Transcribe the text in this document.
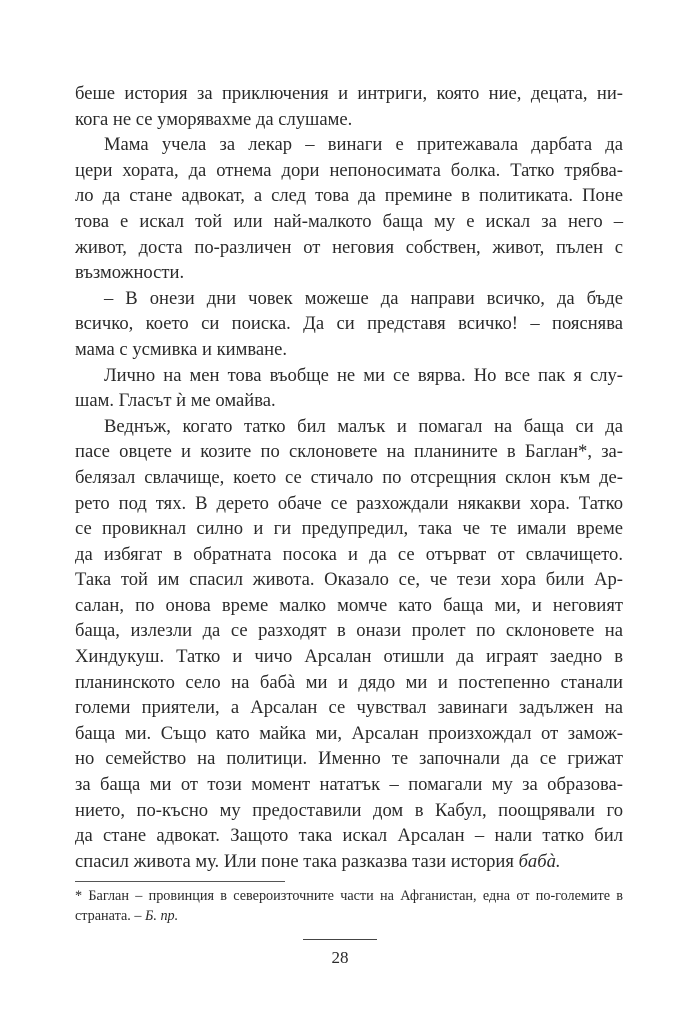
беше история за приключения и интриги, която ние, децата, ни-
кога не се уморявахме да слушаме.
Мама учела за лекар – винаги е притежавала дарбата да
цери хората, да отнема дори непоносимата болка. Татко трябва-
ло да стане адвокат, а след това да премине в политиката. Поне
това е искал той или най-малкото баща му е искал за него –
живот, доста по-различен от неговия собствен, живот, пълен с
възможности.
– В онези дни човек можеше да направи всичко, да бъде
всичко, което си поиска. Да си представя всичко! – пояснява
мама с усмивка и кимване.
Лично на мен това въобще не ми се вярва. Но все пак я слу-
шам. Гласът ѝ ме омайва.
Веднъж, когато татко бил малък и помагал на баща си да
пасе овцете и козите по склоновете на планините в Баглан*, за-
белязал свлачище, което се стичало по отсрещния склон към де-
рето под тях. В дерето обаче се разхождали някакви хора. Татко
се провикнал силно и ги предупредил, така че те имали време
да избягат в обратната посока и да се отърват от свлачището.
Така той им спасил живота. Оказало се, че тези хора били Ар-
салан, по онова време малко момче като баща ми, и неговият
баща, излезли да се разходят в онази пролет по склоновете на
Хиндукуш. Татко и чичо Арсалан отишли да играят заедно в
планинското село на бабà ми и дядо ми и постепенно станали
големи приятели, а Арсалан се чувствал завинаги задължен на
баща ми. Също като майка ми, Арсалан произхождал от замож-
но семейство на политици. Именно те започнали да се грижат
за баща ми от този момент нататък – помагали му за образова-
нието, по-късно му предоставили дом в Кабул, поощрявали го
да стане адвокат. Защото така искал Арсалан – нали татко бил
спасил живота му. Или поне така разказва тази история бабà.
* Баглан – провинция в североизточните части на Афганистан, една от по-големите в
страната. – Б. пр.
28
